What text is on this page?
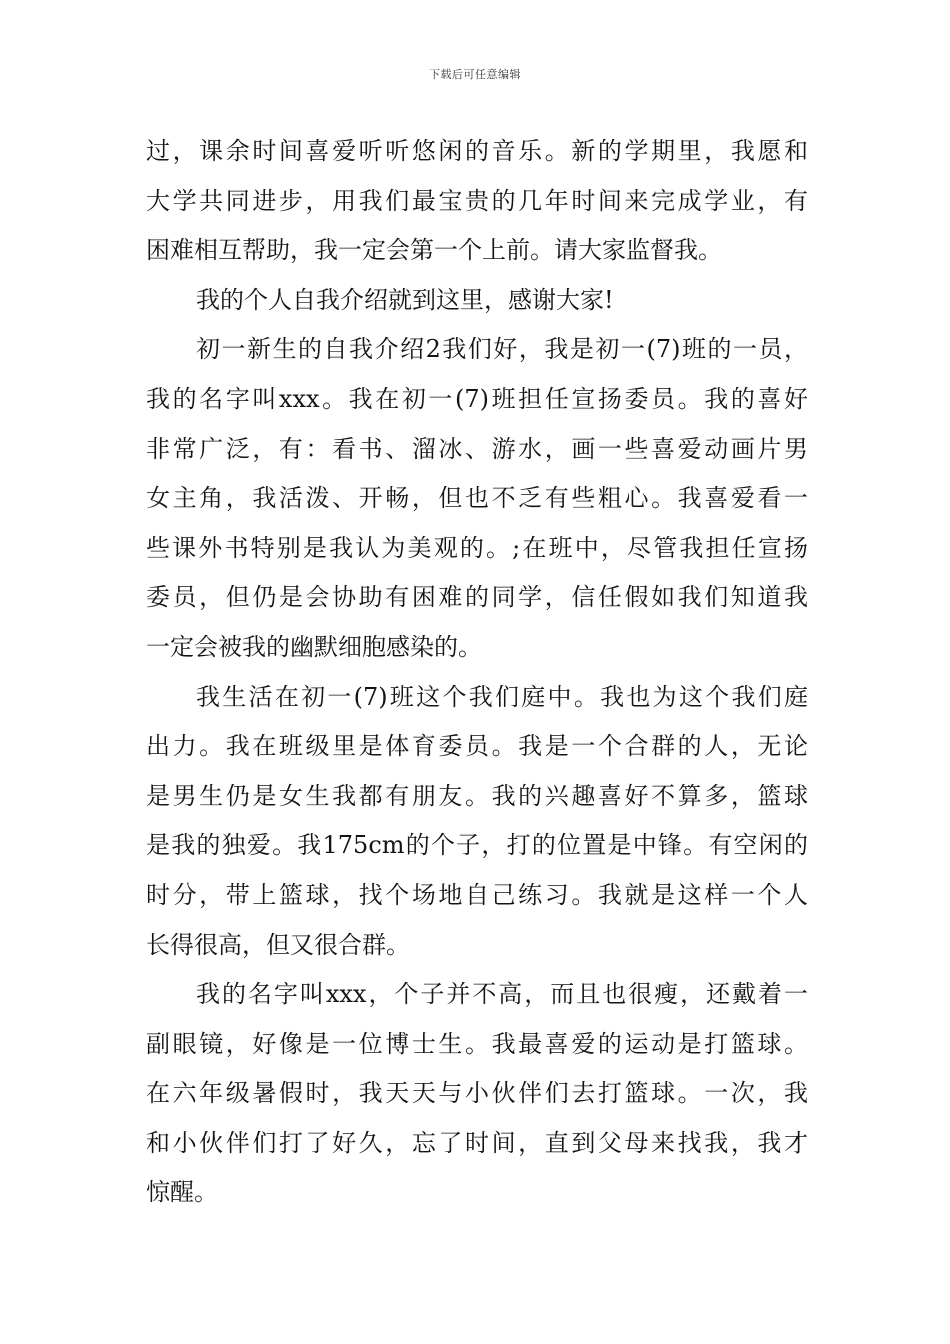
下载后可任意编辑
过，课余时间喜爱听听悠闲的音乐。新的学期里，我愿和
大学共同进步，用我们最宝贵的几年时间来完成学业，有
困难相互帮助，我一定会第一个上前。请大家监督我。
我的个人自我介绍就到这里，感谢大家!
初一新生的自我介绍2我们好，我是初一(7)班的一员，
我的名字叫xxx。我在初一(7)班担任宣扬委员。我的喜好
非常广泛，有：看书、溜冰、游水，画一些喜爱动画片男
女主角，我活泼、开畅，但也不乏有些粗心。我喜爱看一
些课外书特别是我认为美观的。;在班中，尽管我担任宣扬
委员，但仍是会协助有困难的同学，信任假如我们知道我
一定会被我的幽默细胞感染的。
我生活在初一(7)班这个我们庭中。我也为这个我们庭
出力。我在班级里是体育委员。我是一个合群的人，无论
是男生仍是女生我都有朋友。我的兴趣喜好不算多，篮球
是我的独爱。我175cm的个子，打的位置是中锋。有空闲的
时分，带上篮球，找个场地自己练习。我就是这样一个人
长得很高，但又很合群。
我的名字叫xxx，个子并不高，而且也很瘦，还戴着一
副眼镜，好像是一位博士生。我最喜爱的运动是打篮球。
在六年级暑假时，我天天与小伙伴们去打篮球。一次，我
和小伙伴们打了好久，忘了时间，直到父母来找我，我才
惊醒。
